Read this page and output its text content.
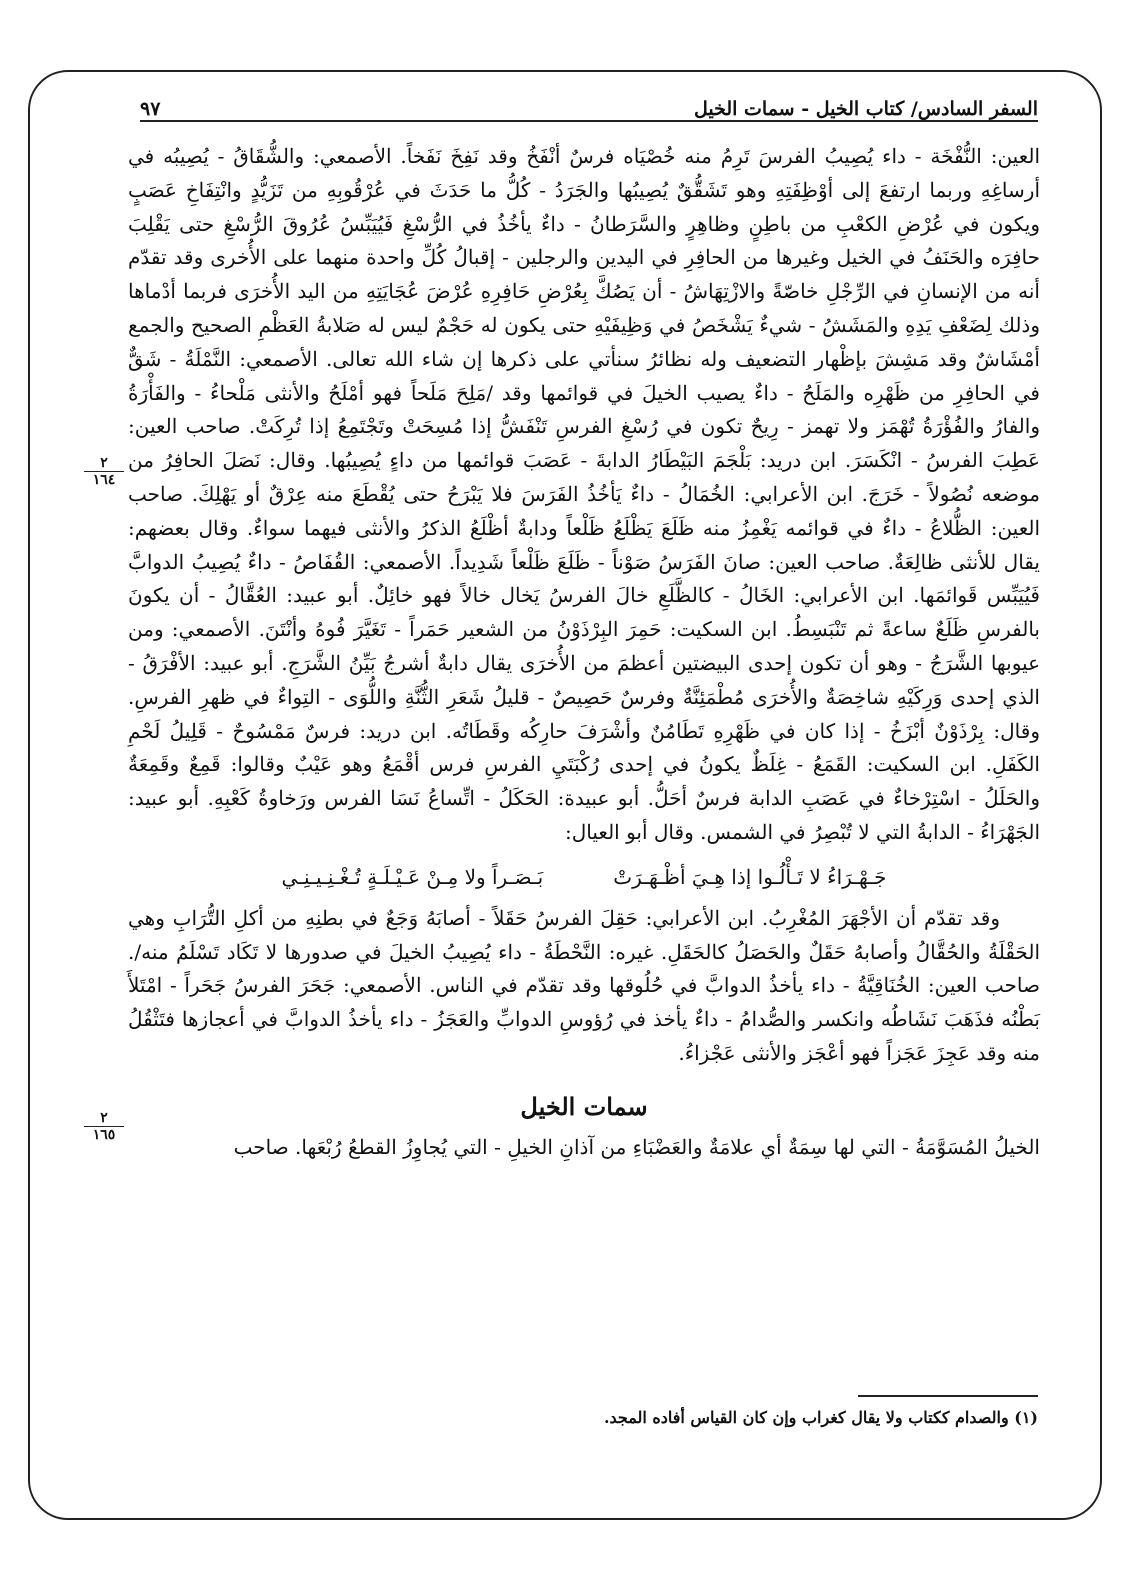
السفر السادس/ كتاب الخيل - سمات الخيل
٩٧
٢
١٦٤
٢
١٦٥

العين: النُّفْخَة - داء يُصِيبُ الفرسَ تَرِمُ منه خُصْيَاه فرسٌ أنْفَخُ وقد نَفِخَ نَفَخاً. الأصمعي: والشُّقَاقُ - يُصِيبُه في أرساغِهِ وربما ارتفعَ إلى أوْظِفَتِهِ وهو تَشَقُّقٌ يُصِيبُها والجَرَدُ - كُلُّ ما حَدَثَ في عُرْقُوبِهِ من تَزَيُّدٍ وانْتِفَاخِ عَصَبٍ ويكون في عُرْضِ الكعْبِ من باطِنٍ وظاهِرٍ والسَّرَطانُ - داءٌ يأخُذُ في الرُّسْغِ فَيُيَبِّسُ عُرُوقَ الرُّسْغِ حتى يَقْلِبَ حافِرَه والحَنَفُ في الخيل وغيرها من الحافِرِ في اليدين والرجلين - إقبالُ كُلِّ واحدة منهما على الأُخرى وقد تقدّم أنه من الإنسانِ في الرِّجْلِ خاصّةً والازْتِهَاشُ - أن يَصُكَّ بِعُرْضِ حَافِرِهِ عُرْضَ عُجَايَتِهِ من اليد الأُخرَى فربما أدْماها وذلك لِضَعْفِ يَدِهِ والمَشَشُ - شيءٌ يَشْخَصُ في وَظِيفَيْهِ حتى يكون له حَجْمٌ ليس له صَلابةُ العَظْمِ الصحيح والجمع أمْشَاشٌ وقد مَشِشَ بإظْهار التضعيف وله نظائرُ سنأتي على ذكرها إن شاء الله تعالى. الأصمعي: النَّمْلَةُ - شَقٌّ في الحافِرِ من ظَهْرِه والمَلَحُ - داءٌ يصيب الخيلَ في قوائمها وقد /مَلِحَ مَلَحاً فهو أمْلَحُ والأنثى مَلْحاءُ - والفَأْرَةُ والفارُ والفُؤْرَةُ تُهْمَز ولا تهمز - رِيحٌ تكون في رُسْغِ الفرسِ تَنْفَشُّ إذا مُسِحَتْ وتَجْتَمِعُ إذا تُرِكَتْ. صاحب العين: عَطِبَ الفرسُ - انْكَسَرَ. ابن دريد: بَلْجَمَ البَيْطَارُ الدابةَ - عَصَبَ قوائمها من داءٍ يُصِيبُها. وقال: نَصَلَ الحافِرُ من موضعه نُصُولاً - خَرَجَ. ابن الأعرابي: الخُمَالُ - داءٌ يَأخُذُ الفَرَسَ فلا يَبْرَحُ حتى يُقْطَعَ منه عِرْقٌ أو يَهْلِكَ. صاحب العين: الظُّلاعُ - داءٌ في قوائمه يَغْمِزُ منه ظَلَعَ يَظْلَعُ ظَلْعاً ودابةٌ أظْلَعُ الذكرُ والأنثى فيهما سواءٌ. وقال بعضهم: يقال للأنثى ظالِعَةٌ. صاحب العين: صانَ الفَرَسُ صَوْناً - ظَلَعَ ظَلْعاً شَدِيداً. الأصمعي: القُفَاصُ - داءٌ يُصِيبُ الدوابَّ فَيُيَبِّس قَوائمَها. ابن الأعرابي: الخَالُ - كالظَّلَعِ خالَ الفرسُ يَخال خالاً فهو خائِلٌ. أبو عبيد: العُقَّالُ - أن يكونَ بالفرسِ ظَلَعٌ ساعةً ثم تَنْبَسِطُ. ابن السكيت: حَمِرَ البِرْذَوْنُ من الشعير حَمَراً - تَغَيَّرَ فُوهُ وأنْتَنَ. الأصمعي: ومن عيوبها الشَّرَجُ - وهو أن تكون إحدى البيضتين أعظمَ من الأُخرَى يقال دابةٌ أشرجُ بَيِّنُ الشَّرَجِ. أبو عبيد: الأفْرَقُ - الذي إحدى وَرِكَيْهِ شاخِصَةٌ والأُخرَى مُطْمَئِنَّةٌ وفرسٌ حَصِيصٌ - قليلُ شَعَرِ الثُّنَّةِ واللُّوَى - التِواءٌ في ظهرِ الفرسِ. وقال: بِرْذَوْنٌ أبْزَخُ - إذا كان في ظَهْرِهِ تَطَامُنٌ وأشْرَفَ حارِكُه وقَطَاتُه. ابن دريد: فرسٌ مَمْسُوحٌ - قَلِيلُ لَحْمِ الكَفَلِ. ابن السكيت: القَمَعُ - غِلَظٌ يكونُ في إحدى رُكْبَتَيِ الفرسِ فرس أقْمَعُ وهو عَيْبٌ وقالوا: قَمِعٌ وقَمِعَةٌ والحَلَلُ - اسْتِرْخاءٌ في عَصَبِ الدابة فرسٌ أحَلُّ. أبو عبيدة: الحَكَلُ - اتِّساعُ نَسَا الفرس ورَخاوةُ كَعْبِهِ. أبو عبيد: الجَهْرَاءُ - الدابةُ التي لا تُبْصِرُ في الشمس. وقال أبو العيال:

جَـهْـرَاءُ لا تَـأْلُـوا إذا هِـيَ أظْـهَـرَتْ
بَـصَـراً ولا مِـنْ عَـيْـلَـةٍ تُـغْـنِـيـنِـي

وقد تقدّم أن الأجْهَرَ المُغْرِبُ. ابن الأعرابي: حَقِلَ الفرسُ حَقَلاً - أصابَهُ وَجَعٌ في بطنِهِ من أكلِ التُّرَابِ وهي الحَقْلَةُ والحُقَّالُ وأصابهُ حَقَلٌ والحَصَلُ كالحَقَلِ. غيره: النَّحْطَةُ - داء يُصِيبُ الخيلَ في صدورها لا تَكَاد تَسْلَمُ منه/. صاحب العين: الخُنَاقِيَّةُ - داء يأخذُ الدوابَّ في حُلُوقها وقد تقدّم في الناس. الأصمعي: جَحَرَ الفرسُ جَحَراً - امْتَلأَ بَطْنُه فذَهَبَ نَشَاطُه وانكسر والصُّدامُ - داءٌ يأخذ في رُؤوسِ الدوابِّ والعَجَزُ - داء يأخذُ الدوابَّ في أعجازها فتَثْقُلُ منه وقد عَجِزَ عَجَزاً فهو أعْجَز والأنثى عَجْزاءُ.

سمات الخيل

الخيلُ المُسَوَّمَةُ - التي لها سِمَةٌ أي علامَةٌ والعَضْبَاءِ من آذانِ الخيلِ - التي يُجاوِزُ القطعُ رُبْعَها. صاحب

(١) والصدام ككتاب ولا يقال كغراب وإن كان القياس أفاده المجد.
